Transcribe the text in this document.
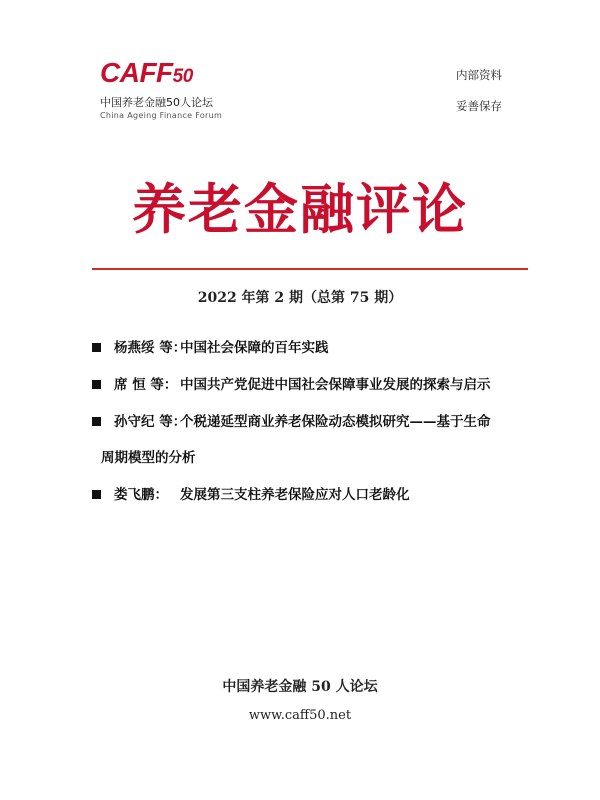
CAFF50
中国养老金融50人论坛
China Ageing Finance Forum
内部资料
妥善保存
养老金融评论
2022 年第 2 期（总第 75 期）
杨燕绥 等：
中国社会保障的百年实践
席 恒 等： 中国共产党促进中国社会保障事业发展的探索与启示
孙守纪 等：
个税递延型商业养老保险动态模拟研究——基于生命
周期模型的分析
娄飞鹏： 发展第三支柱养老保险应对人口老龄化
中国养老金融 50 人论坛
www.caff50.net
